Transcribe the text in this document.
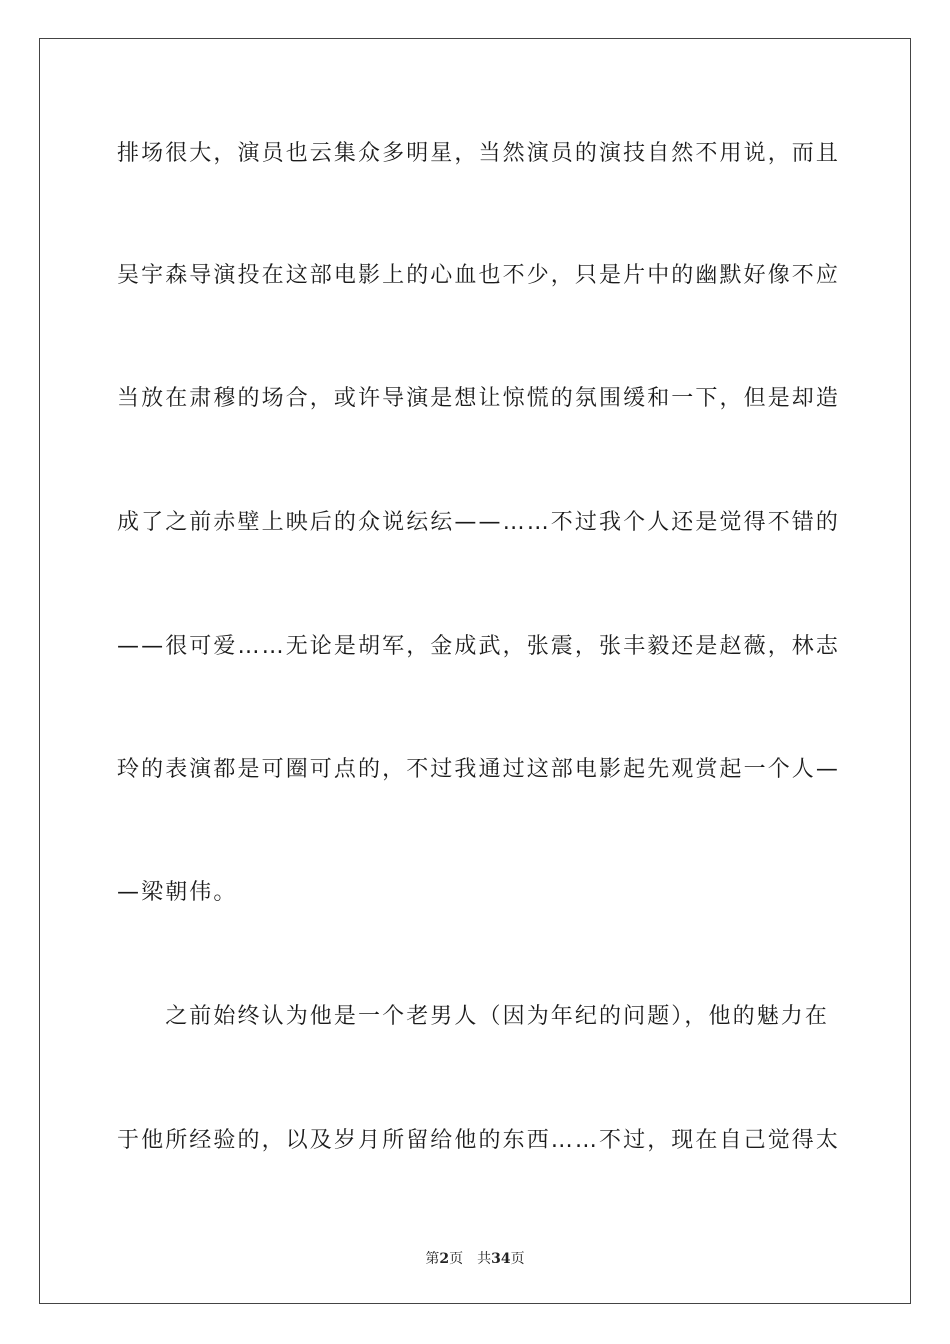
排场很大，演员也云集众多明星，当然演员的演技自然不用说，而且
吴宇森导演投在这部电影上的心血也不少，只是片中的幽默好像不应
当放在肃穆的场合，或许导演是想让惊慌的氛围缓和一下，但是却造
成了之前赤壁上映后的众说纭纭——……不过我个人还是觉得不错的
——很可爱……无论是胡军，金成武，张震，张丰毅还是赵薇，林志
玲的表演都是可圈可点的，不过我通过这部电影起先观赏起一个人—
—梁朝伟。
　　之前始终认为他是一个老男人（因为年纪的问题），他的魅力在
于他所经验的，以及岁月所留给他的东西……不过，现在自己觉得太
第2页 共34页
